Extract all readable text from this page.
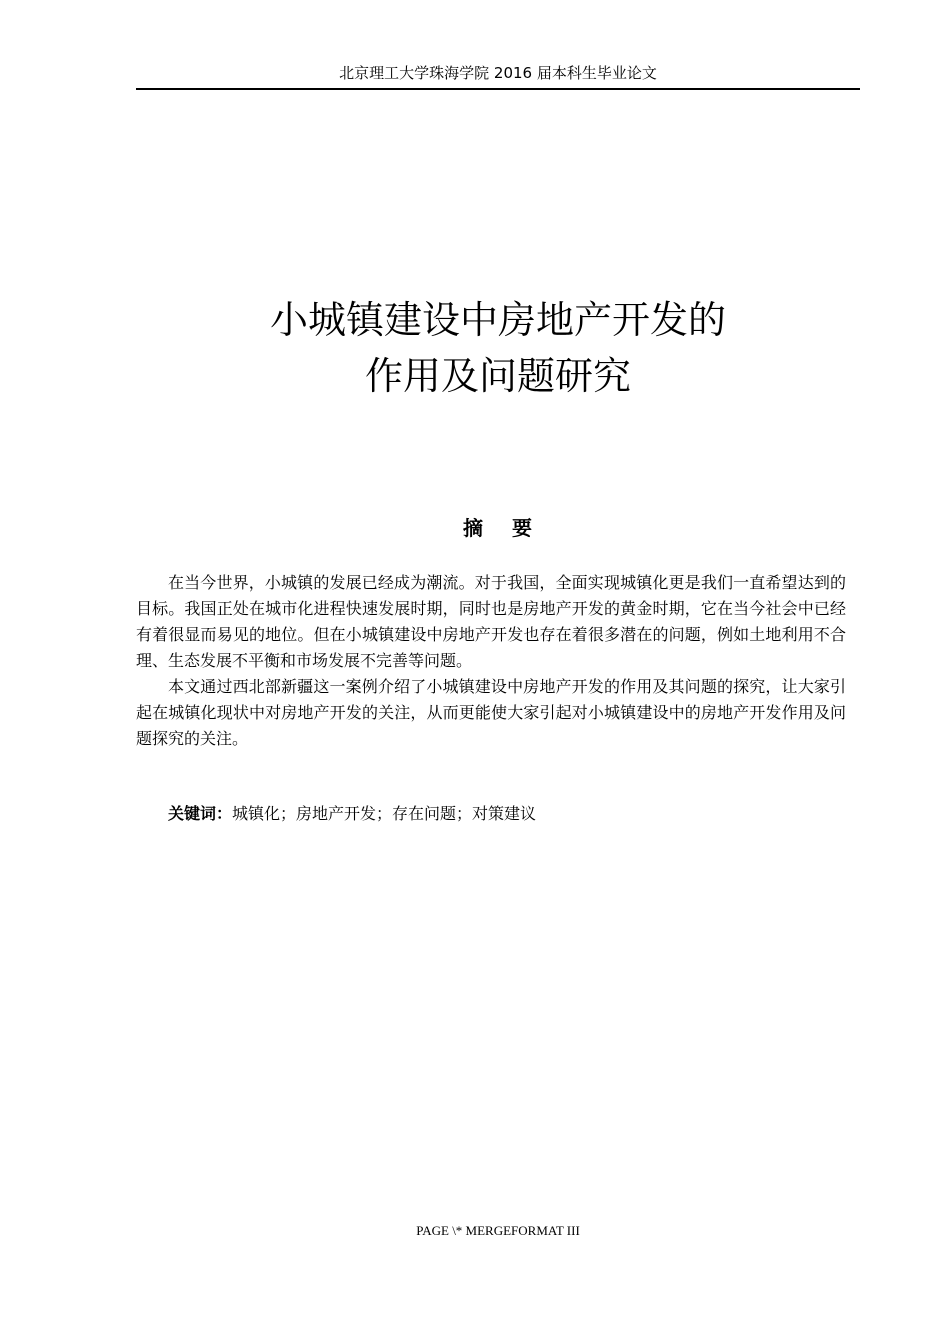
北京理工大学珠海学院 2016 届本科生毕业论文
小城镇建设中房地产开发的
作用及问题研究
摘 要

在当今世界，小城镇的发展已经成为潮流。对于我国，全面实现城镇化更是我们一直希望达到的目标。我国正处在城市化进程快速发展时期，同时也是房地产开发的黄金时期，它在当今社会中已经有着很显而易见的地位。但在小城镇建设中房地产开发也存在着很多潜在的问题，例如土地利用不合理、生态发展不平衡和市场发展不完善等问题。

本文通过西北部新疆这一案例介绍了小城镇建设中房地产开发的作用及其问题的探究，让大家引起在城镇化现状中对房地产开发的关注，从而更能使大家引起对小城镇建设中的房地产开发作用及问题探究的关注。

关键词：城镇化；房地产开发；存在问题；对策建议
PAGE \* MERGEFORMAT III
